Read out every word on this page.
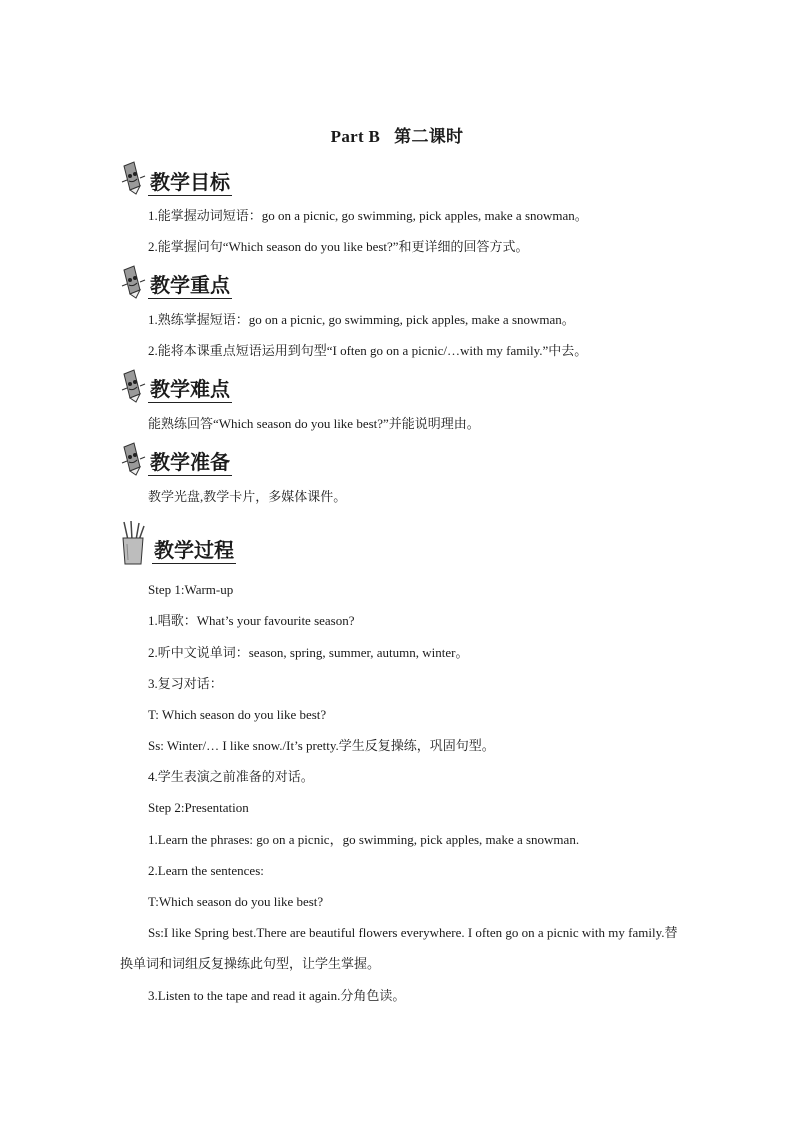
Part B 第二课时
教学目标
1.能掌握动词短语：go on a picnic, go swimming, pick apples, make a snowman。
2.能掌握问句“Which season do you like best?”和更详细的回答方式。
教学重点
1.熟练掌握短语：go on a picnic, go swimming, pick apples, make a snowman。
2.能将本课重点短语运用到句型“I often go on a picnic/…with my family.”中去。
教学难点
能熟练回答“Which season do you like best?”并能说明理由。
教学准备
教学光盘,教学卡片，多媒体课件。
教学过程
Step 1:Warm-up
1.唱歌：What’s your favourite season?
2.听中文说单词：season, spring, summer, autumn, winter。
3.复习对话：
T: Which season do you like best?
Ss: Winter/… I like snow./It’s pretty.学生反复操练，巩固句型。
4.学生表演之前准备的对话。
Step 2:Presentation
1.Learn the phrases: go on a picnic，go swimming, pick apples, make a snowman.
2.Learn the sentences:
T:Which season do you like best?
Ss:I like Spring best.There are beautiful flowers everywhere. I often go on a picnic with my family.替换单词和词组反复操练此句型，让学生掌握。
3.Listen to the tape and read it again.分角色读。
